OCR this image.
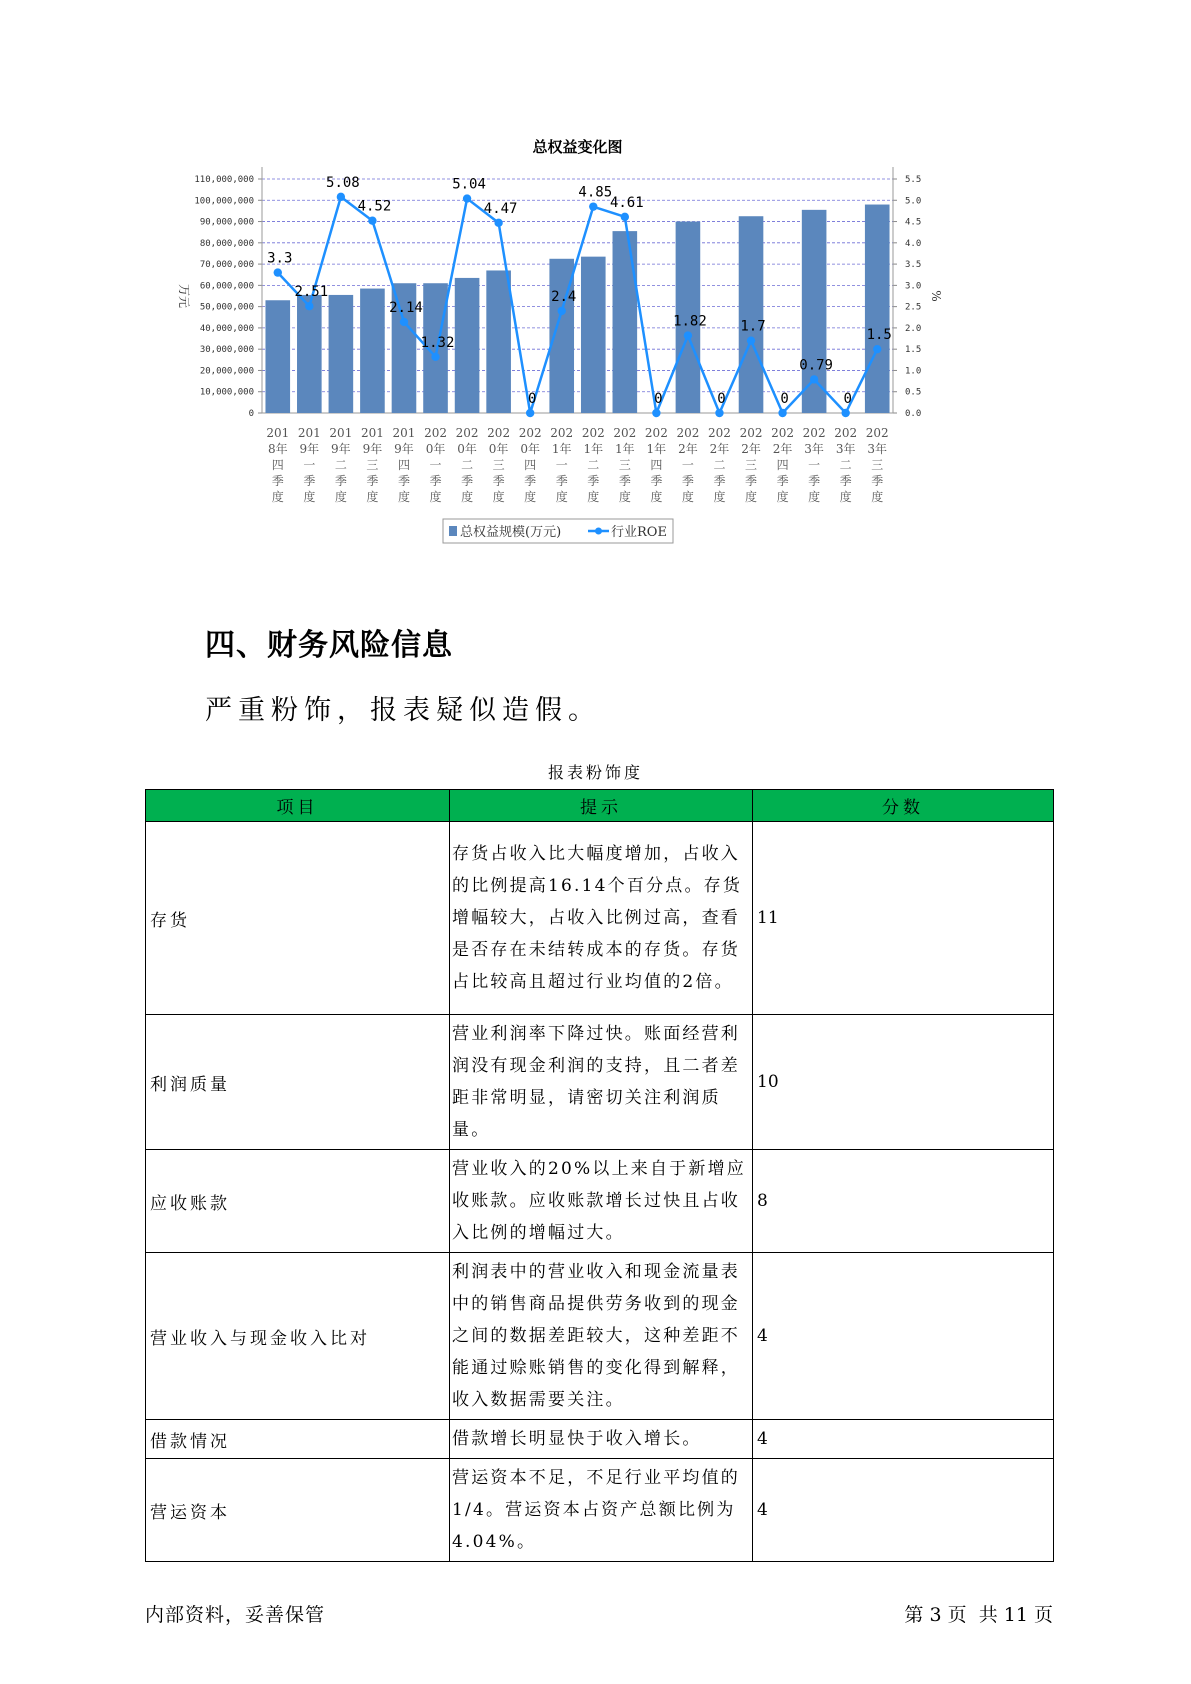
总权益变化图
0
10,000,000
20,000,000
30,000,000
40,000,000
50,000,000
60,000,000
70,000,000
80,000,000
90,000,000
100,000,000
110,000,000
0.0
0.5
1.0
1.5
2.0
2.5
3.0
3.5
4.0
4.5
5.0
5.5
万元	%
201 8年四季度
201 9年一季度
201 9年二季度
201 9年三季度
201 9年四季度
202 0年一季度
202 0年二季度
202 0年三季度
202 0年四季度
202 1年一季度
202 1年二季度
202 1年三季度
202 1年四季度
202 2年一季度
202 2年二季度
202 2年三季度
202 2年四季度
202 3年一季度
202 3年二季度
202 3年三季度
3.3
2.51
5.08
4.52
2.14
1.32
5.04
4.47
0
2.4
4.85
4.61
0
1.82
0
1.7
0
0.79
0
1.5
总权益规模(万元)	行业ROE
四、财务风险信息
严重粉饰，报表疑似造假。
报表粉饰度
项目	提示	分数
存货	存货占收入比大幅度增加，占收入的比例提高16.14个百分点。存货增幅较大，占收入比例过高，查看是否存在未结转成本的存货。存货占比较高且超过行业均值的2倍。	11
利润质量	营业利润率下降过快。账面经营利润没有现金利润的支持，且二者差距非常明显，请密切关注利润质量。	10
应收账款	营业收入的20%以上来自于新增应收账款。应收账款增长过快且占收入比例的增幅过大。	8
营业收入与现金收入比对	利润表中的营业收入和现金流量表中的销售商品提供劳务收到的现金之间的数据差距较大，这种差距不能通过赊账销售的变化得到解释，收入数据需要关注。	4
借款情况	借款增长明显快于收入增长。	4
营运资本	营运资本不足，不足行业平均值的1/4。营运资本占资产总额比例为4.04%。	4
内部资料，妥善保管	第 3 页  共 11 页
